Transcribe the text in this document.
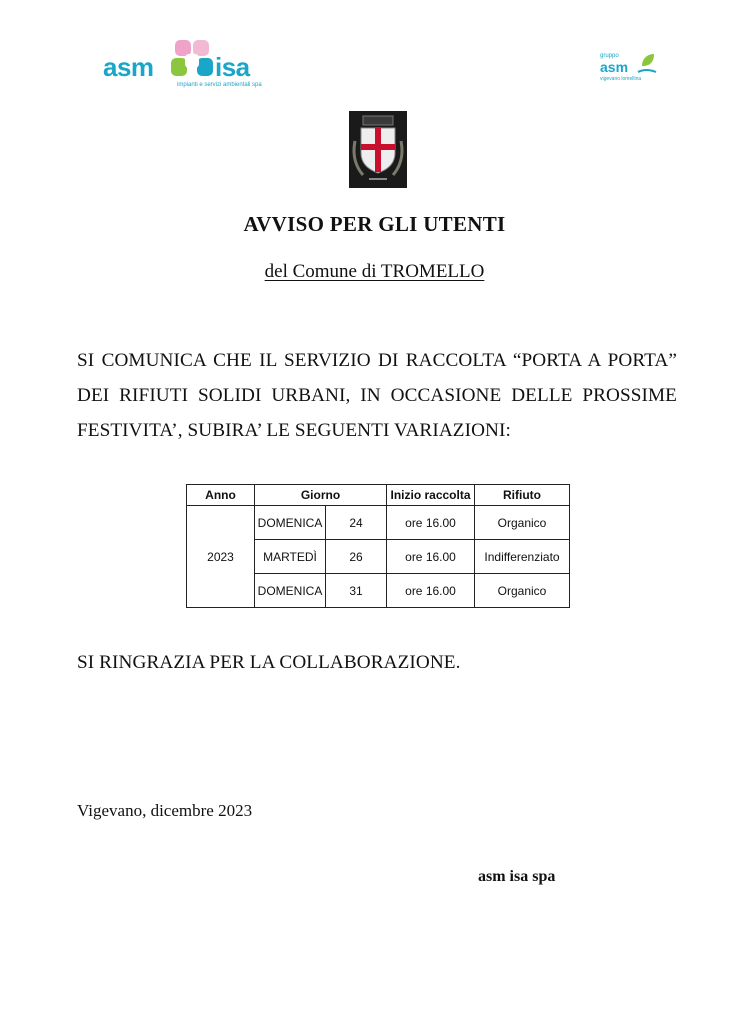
asm isa
impianti e servizi ambientali spa
gruppo
asm
vigevano lomellina
AVVISO PER GLI UTENTI
del Comune di TROMELLO
SI COMUNICA CHE IL SERVIZIO DI RACCOLTA “PORTA A PORTA” DEI RIFIUTI SOLIDI URBANI, IN OCCASIONE DELLE PROSSIME FESTIVITA’, SUBIRA’ LE SEGUENTI VARIAZIONI:
Anno	Giorno		Inizio raccolta	Rifiuto
2023	DOMENICA	24	ore 16.00	Organico
	MARTEDÌ	26	ore 16.00	Indifferenziato
	DOMENICA	31	ore 16.00	Organico
SI RINGRAZIA PER LA COLLABORAZIONE.
Vigevano, dicembre 2023
asm isa spa
